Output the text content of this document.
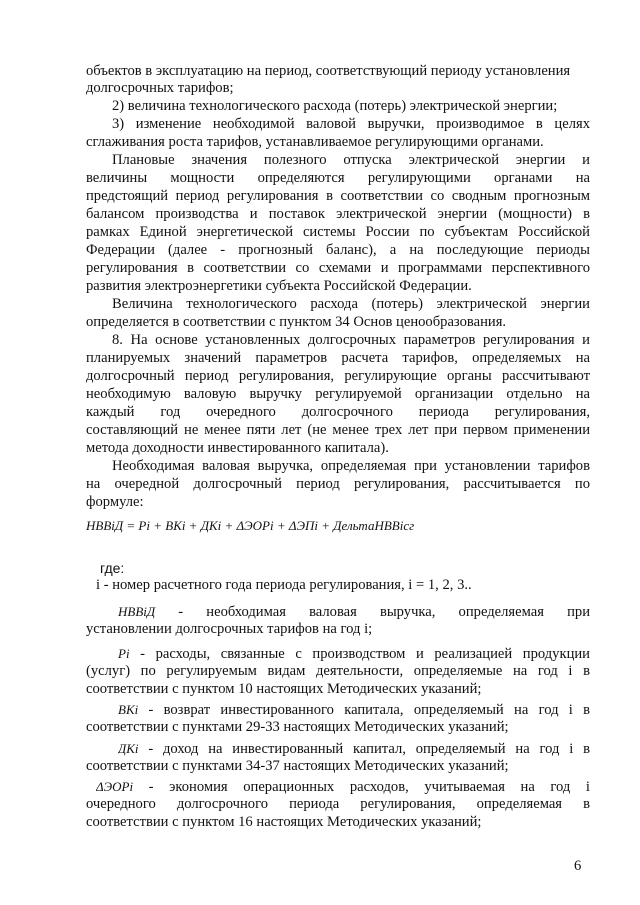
объектов в эксплуатацию на период, соответствующий периоду установления
долгосрочных тарифов;
2) величина технологического расхода (потерь) электрической энергии;
3) изменение необходимой валовой выручки, производимое в целях
сглаживания роста тарифов, устанавливаемое регулирующими органами.
Плановые значения полезного отпуска электрической энергии и
величины мощности определяются регулирующими органами на
предстоящий период регулирования в соответствии со сводным прогнозным
балансом производства и поставок электрической энергии (мощности) в
рамках Единой энергетической системы России по субъектам Российской
Федерации (далее - прогнозный баланс), а на последующие периоды
регулирования в соответствии со схемами и программами перспективного
развития электроэнергетики субъекта Российской Федерации.
Величина технологического расхода (потерь) электрической энергии
определяется в соответствии с пунктом 34 Основ ценообразования.
8. На основе установленных долгосрочных параметров регулирования и
планируемых значений параметров расчета тарифов, определяемых на
долгосрочный период регулирования, регулирующие органы рассчитывают
необходимую валовую выручку регулируемой организации отдельно на
каждый год очередного долгосрочного периода регулирования,
составляющий не менее пяти лет (не менее трех лет при первом применении
метода доходности инвестированного капитала).
Необходимая валовая выручка, определяемая при установлении тарифов
на очередной долгосрочный период регулирования, рассчитывается по
формуле:
НВВiД = Pi + ВКi + ДКi + ΔЭОРi + ΔЭПi + ДельтаНВВiсг
где:
i - номер расчетного года периода регулирования, i = 1, 2, 3..
НВВiД - необходимая валовая выручка, определяемая при
установлении долгосрочных тарифов на год i;
Pi - расходы, связанные с производством и реализацией продукции
(услуг) по регулируемым видам деятельности, определяемые на год i в
соответствии с пунктом 10 настоящих Методических указаний;
ВКi - возврат инвестированного капитала, определяемый на год i в
соответствии с пунктами 29-33 настоящих Методических указаний;
ДКi - доход на инвестированный капитал, определяемый на год i в
соответствии с пунктами 34-37 настоящих Методических указаний;
ΔЭОРi - экономия операционных расходов, учитываемая на год i
очередного долгосрочного периода регулирования, определяемая в
соответствии с пунктом 16 настоящих Методических указаний;
6
